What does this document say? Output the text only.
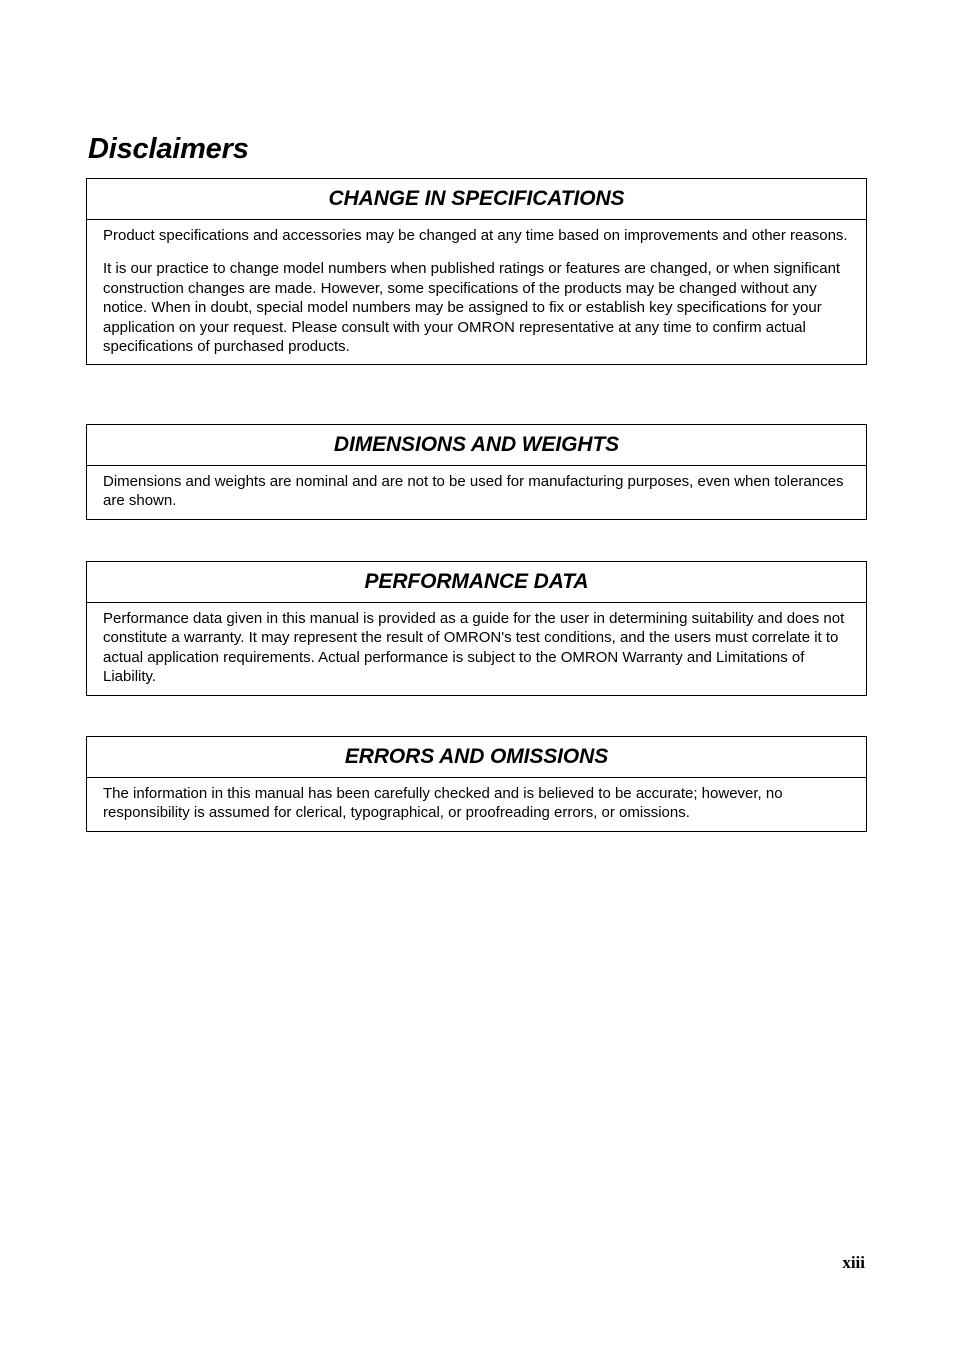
Disclaimers
CHANGE IN SPECIFICATIONS

Product specifications and accessories may be changed at any time based on improvements and other reasons.

It is our practice to change model numbers when published ratings or features are changed, or when significant construction changes are made. However, some specifications of the products may be changed without any notice. When in doubt, special model numbers may be assigned to fix or establish key specifications for your application on your request. Please consult with your OMRON representative at any time to confirm actual specifications of purchased products.

DIMENSIONS AND WEIGHTS

Dimensions and weights are nominal and are not to be used for manufacturing purposes, even when tolerances are shown.

PERFORMANCE DATA

Performance data given in this manual is provided as a guide for the user in determining suitability and does not constitute a warranty. It may represent the result of OMRON's test conditions, and the users must correlate it to actual application requirements. Actual performance is subject to the OMRON Warranty and Limitations of Liability.

ERRORS AND OMISSIONS

The information in this manual has been carefully checked and is believed to be accurate; however, no responsibility is assumed for clerical, typographical, or proofreading errors, or omissions.

xiii
